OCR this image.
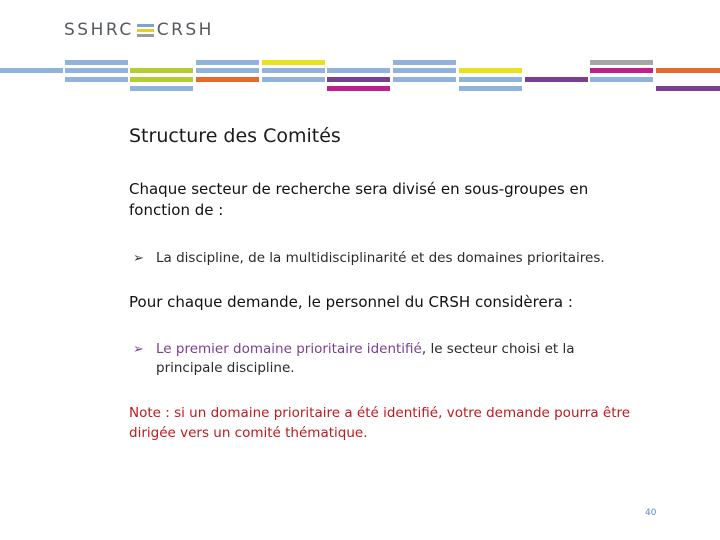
SSHRC CRSH
Structure des Comités
Chaque secteur de recherche sera divisé en sous-groupes en fonction de :
➢ La discipline, de la multidisciplinarité et des domaines prioritaires.
Pour chaque demande, le personnel du CRSH considèrera :
➢ Le premier domaine prioritaire identifié, le secteur choisi et la principale discipline.
Note : si un domaine prioritaire a été identifié, votre demande pourra être dirigée vers un comité thématique.
40
